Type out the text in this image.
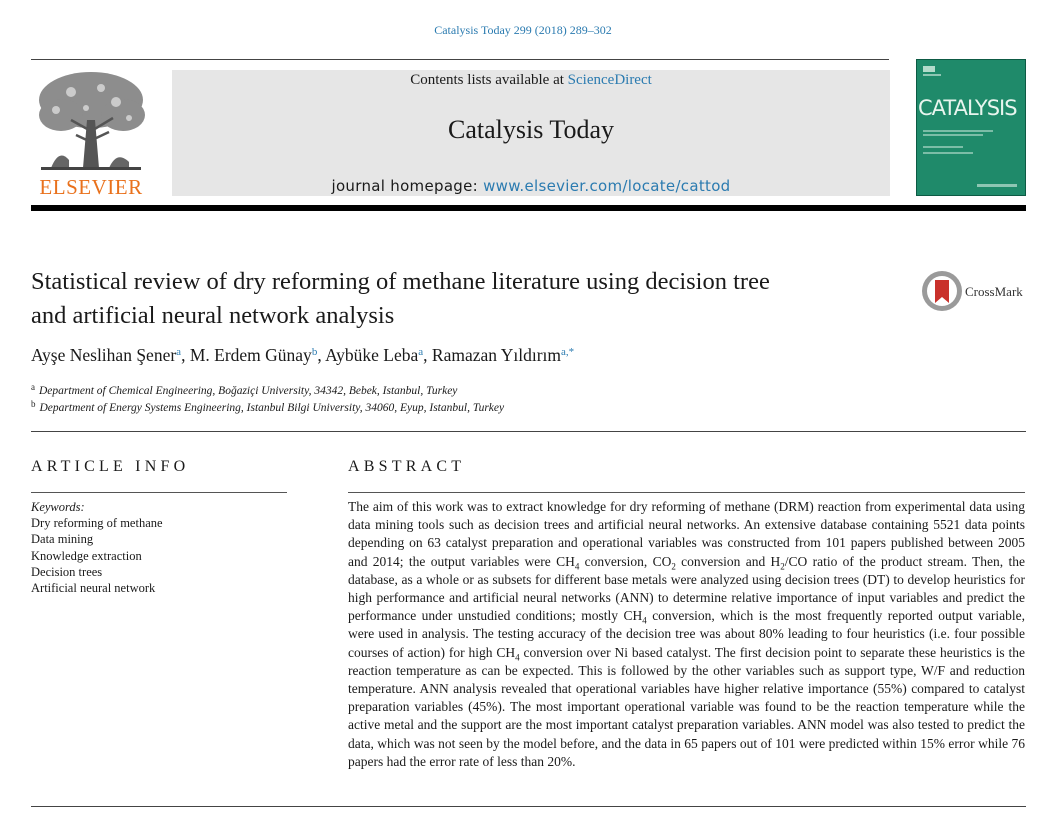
Catalysis Today 299 (2018) 289–302
ELSEVIER
Contents lists available at ScienceDirect
Catalysis Today
journal homepage: www.elsevier.com/locate/cattod
CATALYSIS
Statistical review of dry reforming of methane literature using decision tree
and artificial neural network analysis
CrossMark
Ayşe Neslihan Şener$^a$, M. Erdem Günay$^b$, Aybüke Leba$^a$, Ramazan Yıldırım$^{a,*}$
$^a$ Department of Chemical Engineering, Boğaziçi University, 34342, Bebek, Istanbul, Turkey
$^b$ Department of Energy Systems Engineering, Istanbul Bilgi University, 34060, Eyup, Istanbul, Turkey
ARTICLE INFO
Keywords:
Dry reforming of methane
Data mining
Knowledge extraction
Decision trees
Artificial neural network
ABSTRACT

The aim of this work was to extract knowledge for dry reforming of methane (DRM) reaction from experimental data using data mining tools such as decision trees and artificial neural networks. An extensive database containing 5521 data points depending on 63 catalyst preparation and operational variables was constructed from 101 papers published between 2005 and 2014; the output variables were $CH_4$ conversion, $CO_2$ conversion and $H_2/CO$ ratio of the product stream. Then, the database, as a whole or as subsets for different base metals were analyzed using decision trees (DT) to develop heuristics for high performance and artificial neural networks (ANN) to determine relative importance of input variables and predict the performance under unstudied conditions; mostly $CH_4$ conversion, which is the most frequently reported output variable, were used in analysis. The testing accuracy of the decision tree was about 80% leading to four heuristics (i.e. four possible courses of action) for high $CH_4$ conversion over Ni based catalyst. The first decision point to separate these heuristics is the reaction temperature as can be expected. This is followed by the other variables such as support type, W/F and reduction temperature. ANN analysis revealed that operational variables have higher relative importance (55%) compared to catalyst preparation variables (45%). The most important operational variable was found to be the reaction temperature while the active metal and the support are the most important catalyst preparation variables. ANN model was also tested to predict the data, which was not seen by the model before, and the data in 65 papers out of 101 were predicted within 15% error while 76 papers had the error rate of less than 20%.
